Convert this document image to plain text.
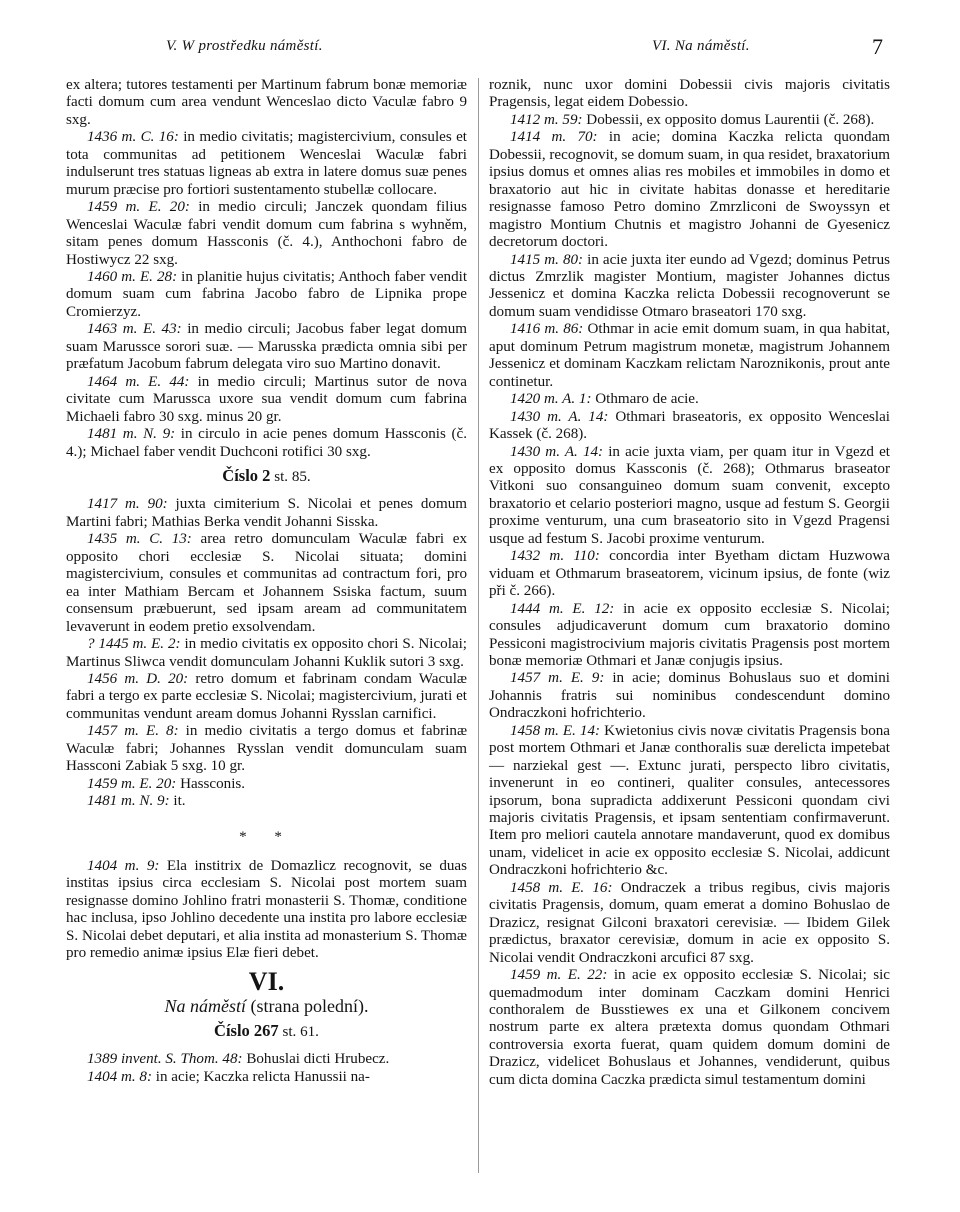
V. W prostředku náměstí.	VI. Na náměstí.	7

ex altera; tutores testamenti per Martinum fabrum bonæ memoriæ facti domum cum area vendunt Wenceslao dicto Vaculæ fabro 9 sxg.

1436 m. C. 16: in medio civitatis; magistercivium, consules et tota communitas ad petitionem Wenceslai Waculæ fabri indulserunt tres statuas ligneas ab extra in latere domus suæ penes murum præcise pro fortiori sustentamento stubellæ collocare.

1459 m. E. 20: in medio circuli; Janczek quondam filius Wenceslai Waculæ fabri vendit domum cum fabrina s wyhněm, sitam penes domum Hassconis (č. 4.), Anthochoni fabro de Hostiwycz 22 sxg.

1460 m. E. 28: in planitie hujus civitatis; Anthoch faber vendit domum suam cum fabrina Jacobo fabro de Lipnika prope Cromierzyz.

1463 m. E. 43: in medio circuli; Jacobus faber legat domum suam Marussce sorori suæ. — Marusska prædicta omnia sibi per præfatum Jacobum fabrum delegata viro suo Martino donavit.

1464 m. E. 44: in medio circuli; Martinus sutor de nova civitate cum Marussca uxore sua vendit domum cum fabrina Michaeli fabro 30 sxg. minus 20 gr.

1481 m. N. 9: in circulo in acie penes domum Hassconis (č. 4.); Michael faber vendit Duchconi rotifici 30 sxg.

Číslo 2 st. 85.

1417 m. 90: juxta cimiterium S. Nicolai et penes domum Martini fabri; Mathias Berka vendit Johanni Sisska.

1435 m. C. 13: area retro domunculam Waculæ fabri ex opposito chori ecclesiæ S. Nicolai situata; domini magistercivium, consules et communitas ad contractum fori, pro ea inter Mathiam Bercam et Johannem Ssiska factum, suum consensum præbuerunt, sed ipsam aream ad communitatem levaverunt in eodem pretio exsolvendam.

? 1445 m. E. 2: in medio civitatis ex opposito chori S. Nicolai; Martinus Sliwca vendit domunculam Johanni Kuklik sutori 3 sxg.

1456 m. D. 20: retro domum et fabrinam condam Waculæ fabri a tergo ex parte ecclesiæ S. Nicolai; magistercivium, jurati et communitas vendunt aream domus Johanni Rysslan carnifici.

1457 m. E. 8: in medio civitatis a tergo domus et fabrinæ Waculæ fabri; Johannes Rysslan vendit domunculam suam Hassconi Zabiak 5 sxg. 10 gr.

1459 m. E. 20: Hassconis.

1481 m. N. 9: it.

* *

1404 m. 9: Ela institrix de Domazlicz recognovit, se duas institas ipsius circa ecclesiam S. Nicolai post mortem suam resignasse domino Johlino fratri monasterii S. Thomæ, conditione hac inclusa, ipso Johlino decedente una instita pro labore ecclesiæ S. Nicolai debet deputari, et alia instita ad monasterium S. Thomæ pro remedio animæ ipsius Elæ fieri debet.

VI.

Na náměstí (strana polední).

Číslo 267 st. 61.

1389 invent. S. Thom. 48: Bohuslai dicti Hrubecz.

1404 m. 8: in acie; Kaczka relicta Hanussii na-

roznik, nunc uxor domini Dobessii civis majoris civitatis Pragensis, legat eidem Dobessio.

1412 m. 59: Dobessii, ex opposito domus Laurentii (č. 268).

1414 m. 70: in acie; domina Kaczka relicta quondam Dobessii, recognovit, se domum suam, in qua residet, braxatorium ipsius domus et omnes alias res mobiles et immobiles in domo et braxatorio aut hic in civitate habitas donasse et hereditarie resignasse famoso Petro domino Zmrzliconi de Swoyssyn et magistro Montium Chutnis et magistro Johanni de Gyesenicz decretorum doctori.

1415 m. 80: in acie juxta iter eundo ad Vgezd; dominus Petrus dictus Zmrzlik magister Montium, magister Johannes dictus Jessenicz et domina Kaczka relicta Dobessii recognoverunt se domum suam vendidisse Otmaro braseatori 170 sxg.

1416 m. 86: Othmar in acie emit domum suam, in qua habitat, aput dominum Petrum magistrum monetæ, magistrum Johannem Jessenicz et dominam Kaczkam relictam Naroznikonis, prout ante continetur.

1420 m. A. 1: Othmaro de acie.

1430 m. A. 14: Othmari braseatoris, ex opposito Wenceslai Kassek (č. 268).

1430 m. A. 14: in acie juxta viam, per quam itur in Vgezd et ex opposito domus Kassconis (č. 268); Othmarus braseator Vitkoni suo consanguineo domum suam convenit, excepto braxatorio et celario posteriori magno, usque ad festum S. Georgii proxime venturum, una cum braseatorio sito in Vgezd Pragensi usque ad festum S. Jacobi proxime venturum.

1432 m. 110: concordia inter Byetham dictam Huzwowa viduam et Othmarum braseatorem, vicinum ipsius, de fonte (wiz při č. 266).

1444 m. E. 12: in acie ex opposito ecclesiæ S. Nicolai; consules adjudicaverunt domum cum braxatorio domino Pessiconi magistrocivium majoris civitatis Pragensis post mortem bonæ memoriæ Othmari et Janæ conjugis ipsius.

1457 m. E. 9: in acie; dominus Bohuslaus suo et domini Johannis fratris sui nominibus condescendunt domino Ondraczkoni hofrichterio.

1458 m. E. 14: Kwietonius civis novæ civitatis Pragensis bona post mortem Othmari et Janæ conthoralis suæ derelicta impetebat — narziekal gest —. Extunc jurati, perspecto libro civitatis, invenerunt in eo contineri, qualiter consules, antecessores ipsorum, bona supradicta addixerunt Pessiconi quondam civi majoris civitatis Pragensis, et ipsam sententiam confirmaverunt. Item pro meliori cautela annotare mandaverunt, quod ex domibus unam, videlicet in acie ex opposito ecclesiæ S. Nicolai, addicunt Ondraczkoni hofrichterio &c.

1458 m. E. 16: Ondraczek a tribus regibus, civis majoris civitatis Pragensis, domum, quam emerat a domino Bohuslao de Drazicz, resignat Gilconi braxatori cerevisiæ. — Ibidem Gilek prædictus, braxator cerevisiæ, domum in acie ex opposito S. Nicolai vendit Ondraczkoni arcufici 87 sxg.

1459 m. E. 22: in acie ex opposito ecclesiæ S. Nicolai; sic quemadmodum inter dominam Caczkam domini Henrici conthoralem de Busstiewes ex una et Gilkonem concivem nostrum parte ex altera prætexta domus quondam Othmari controversia exorta fuerat, quam quidem domum domini de Drazicz, videlicet Bohuslaus et Johannes, vendiderunt, quibus cum dicta domina Caczka prædicta simul testamentum domini
